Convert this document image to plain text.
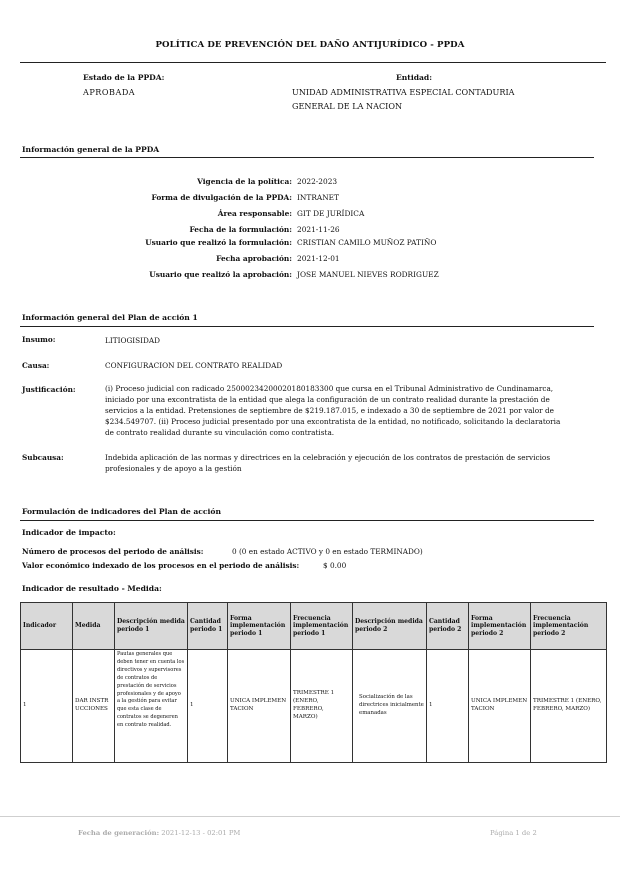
POLÍTICA DE PREVENCIÓN DEL DAÑO ANTIJURÍDICO - PPDA
Estado de la PPDA:
APROBADA
Entidad:
UNIDAD ADMINISTRATIVA ESPECIAL CONTADURIA
GENERAL DE LA NACION
Información general de la PPDA
Vigencia de la política: 2022-2023
Forma de divulgación de la PPDA: INTRANET
Área responsable: GIT DE JURÍDICA
Fecha de la formulación: 2021-11-26
Usuario que realizó la formulación: CRISTIAN CAMILO MUÑOZ PATIÑO
Fecha aprobación: 2021-12-01
Usuario que realizó la aprobación: JOSE MANUEL NIEVES RODRIGUEZ
Información general del Plan de acción 1
Insumo:	LITIOGISIDAD
Causa:	CONFIGURACION DEL CONTRATO REALIDAD
Justificación:	(i) Proceso judicial con radicado 25000234200020180183300 que cursa en el Tribunal Administrativo de Cundinamarca,
iniciado por una excontratista de la entidad que alega la configuración de un contrato realidad durante la prestación de
servicios a la entidad. Pretensiones de septiembre de $219.187.015, e indexado a 30 de septiembre de 2021 por valor de
$234.549707. (ii) Proceso judicial presentado por una excontratista de la entidad, no notificado, solicitando la declaratoria
de contrato realidad durante su vinculación como contratista.
Subcausa:	Indebida aplicación de las normas y directrices en la celebración y ejecución de los contratos de prestación de servicios
profesionales y de apoyo a la gestión
Formulación de indicadores del Plan de acción
Indicador de impacto:
Número de procesos del periodo de análisis:	0 (0 en estado ACTIVO y 0 en estado TERMINADO)
Valor económico indexado de los procesos en el periodo de análisis:	$ 0.00
Indicador de resultado - Medida:
Indicador	Medida	Descripción medida periodo 1	Cantidad periodo 1	Forma implementación periodo 1	Frecuencia implementación periodo 1	Descripción medida periodo 2	Cantidad periodo 2	Forma implementación periodo 2	Frecuencia implementación periodo 2
1	DAR INSTRUCCIONES	Pautas generales que deben tener en cuenta los directivos y supervisores de contratos de prestación de servicios profesionales y de apoyo a la gestión para evitar que esta clase de contratos se degeneren en contrato realidad.	1	UNICA IMPLEMENTACION	TRIMESTRE 1 (ENERO, FEBRERO, MARZO)	Socialización de las directrices inicialmente emanadas	1	UNICA IMPLEMENTACION	TRIMESTRE 1 (ENERO, FEBRERO, MARZO)
Fecha de generación: 2021-12-13 - 02:01 PM	Página 1 de 2
